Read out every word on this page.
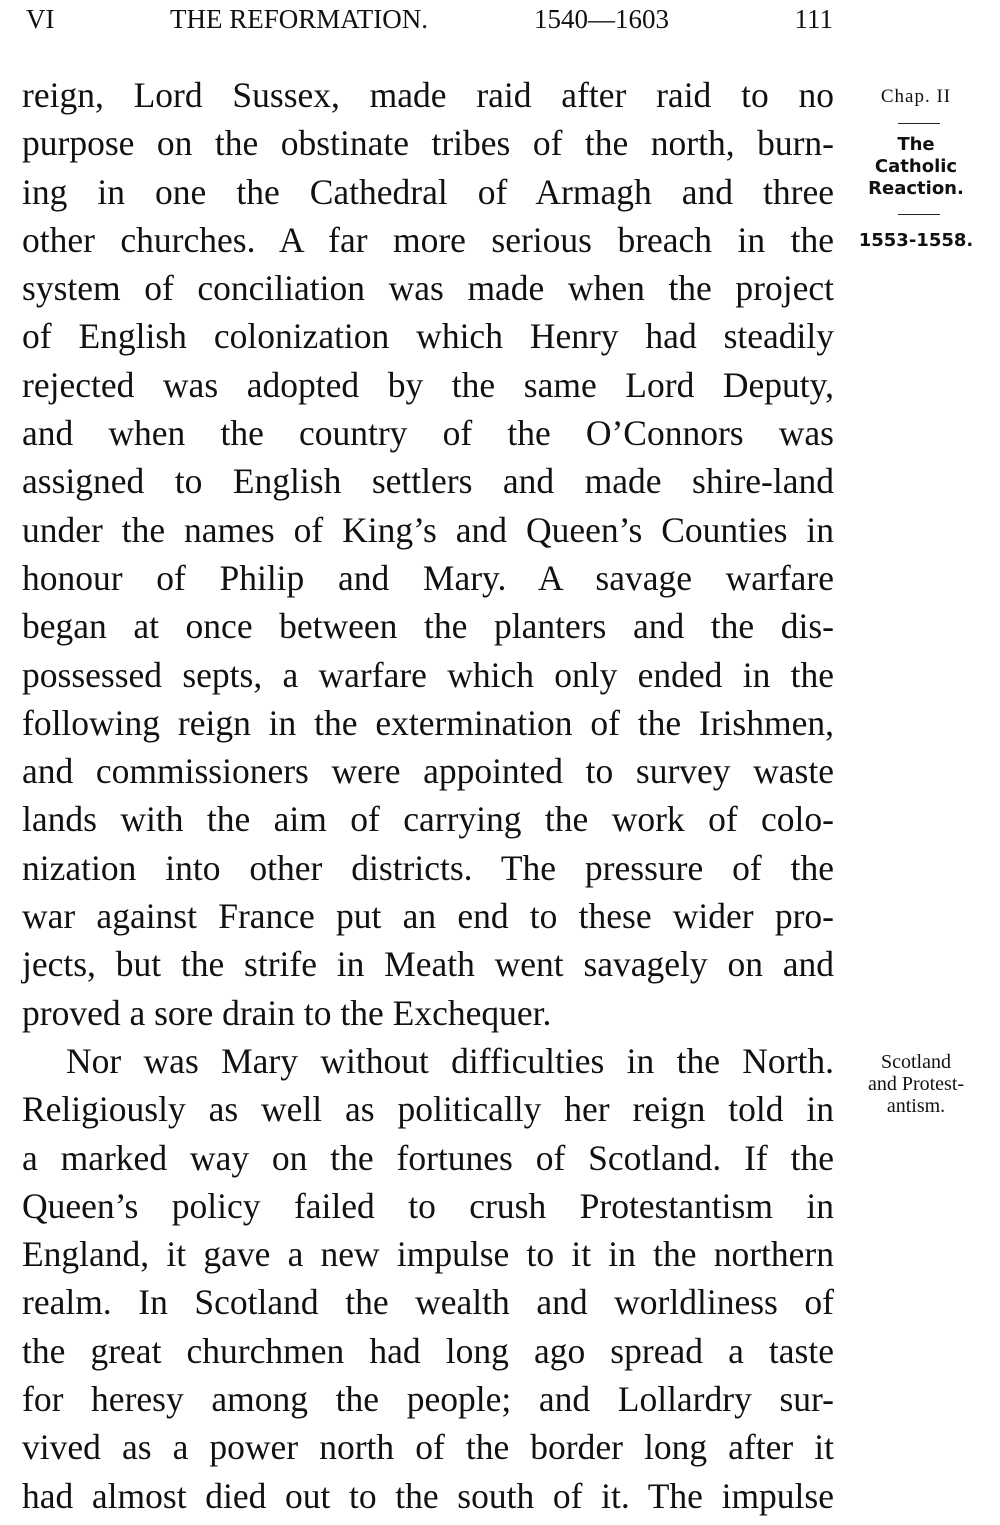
VI	THE REFORMATION.	1540—1603	111
reign, Lord Sussex, made raid after raid to no
purpose on the obstinate tribes of the north, burn-
ing in one the Cathedral of Armagh and three
other churches. A far more serious breach in the
system of conciliation was made when the project
of English colonization which Henry had steadily
rejected was adopted by the same Lord Deputy,
and when the country of the O’Connors was
assigned to English settlers and made shire-land
under the names of King’s and Queen’s Counties in
honour of Philip and Mary. A savage warfare
began at once between the planters and the dis-
possessed septs, a warfare which only ended in the
following reign in the extermination of the Irishmen,
and commissioners were appointed to survey waste
lands with the aim of carrying the work of colo-
nization into other districts. The pressure of the
war against France put an end to these wider pro-
jects, but the strife in Meath went savagely on and
proved a sore drain to the Exchequer.
Nor was Mary without difficulties in the North.
Religiously as well as politically her reign told in
a marked way on the fortunes of Scotland. If the
Queen’s policy failed to crush Protestantism in
England, it gave a new impulse to it in the northern
realm. In Scotland the wealth and worldliness of
the great churchmen had long ago spread a taste
for heresy among the people; and Lollardry sur-
vived as a power north of the border long after it
had almost died out to the south of it. The impulse
Chap. II
The
Catholic
Reaction.
1553-1558.
Scotland
and Protest-
antism.
